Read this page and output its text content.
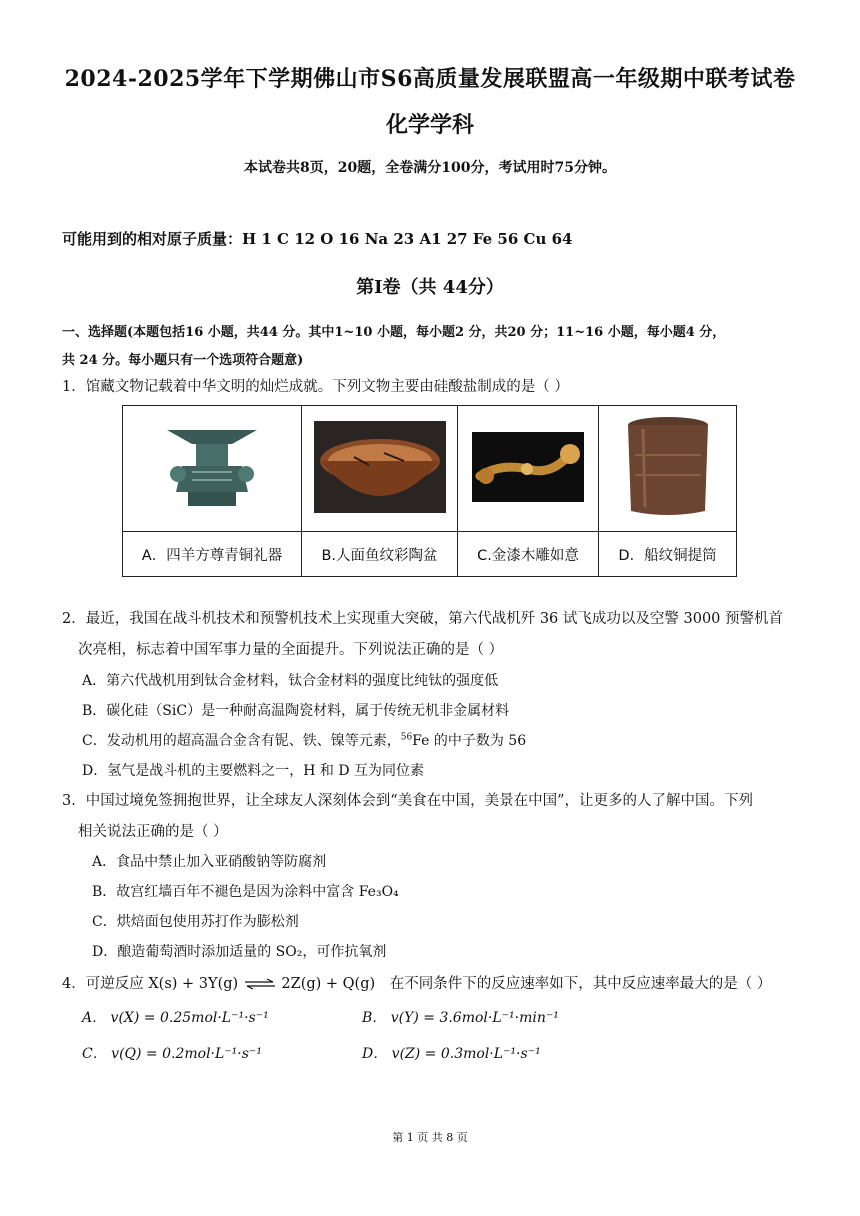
2024-2025学年下学期佛山市S6高质量发展联盟高一年级期中联考试卷
化学学科
本试卷共8页，20题，全卷满分100分，考试用时75分钟。
可能用到的相对原子质量：H 1 C 12 O 16 Na 23 A1 27 Fe 56 Cu 64
第I卷（共 44分）
一、选择题(本题包括16 小题，共44 分。其中1~10 小题，每小题2 分，共20 分；11~16 小题，每小题4 分，
共 24 分。每小题只有一个选项符合题意)
1．馆藏文物记载着中华文明的灿烂成就。下列文物主要由硅酸盐制成的是（ ）

A．四羊方尊青铜礼器	B.人面鱼纹彩陶盆	C.金漆木雕如意	D．船纹铜提筒
2．最近，我国在战斗机技术和预警机技术上实现重大突破，第六代战机歼 36 试飞成功以及空警 3000 预警机首
次亮相，标志着中国军事力量的全面提升。下列说法正确的是（ ）
A．第六代战机用到钛合金材料，钛合金材料的强度比纯钛的强度低
B．碳化硅（SiC）是一种耐高温陶瓷材料，属于传统无机非金属材料
C．发动机用的超高温合金含有铌、铁、镍等元素，$^{56}$Fe 的中子数为 56
D．氢气是战斗机的主要燃料之一，H 和 D 互为同位素
3．中国过境免签拥抱世界，让全球友人深刻体会到“美食在中国，美景在中国”，让更多的人了解中国。下列
相关说法正确的是（ ）
A．食品中禁止加入亚硝酸钠等防腐剂
B．故宫红墙百年不褪色是因为涂料中富含 Fe₃O₄
C．烘焙面包使用苏打作为膨松剂
D．酿造葡萄酒时添加适量的 SO₂，可作抗氧剂
4．可逆反应 X(s) + 3Y(g) ⇌ 2Z(g) + Q(g) 在不同条件下的反应速率如下，其中反应速率最大的是（ ）
A． v(X) = 0.25mol·L⁻¹·s⁻¹	B． v(Y) = 3.6mol·L⁻¹·min⁻¹
C． v(Q) = 0.2mol·L⁻¹·s⁻¹	D． v(Z) = 0.3mol·L⁻¹·s⁻¹
第 1 页 共 8 页
